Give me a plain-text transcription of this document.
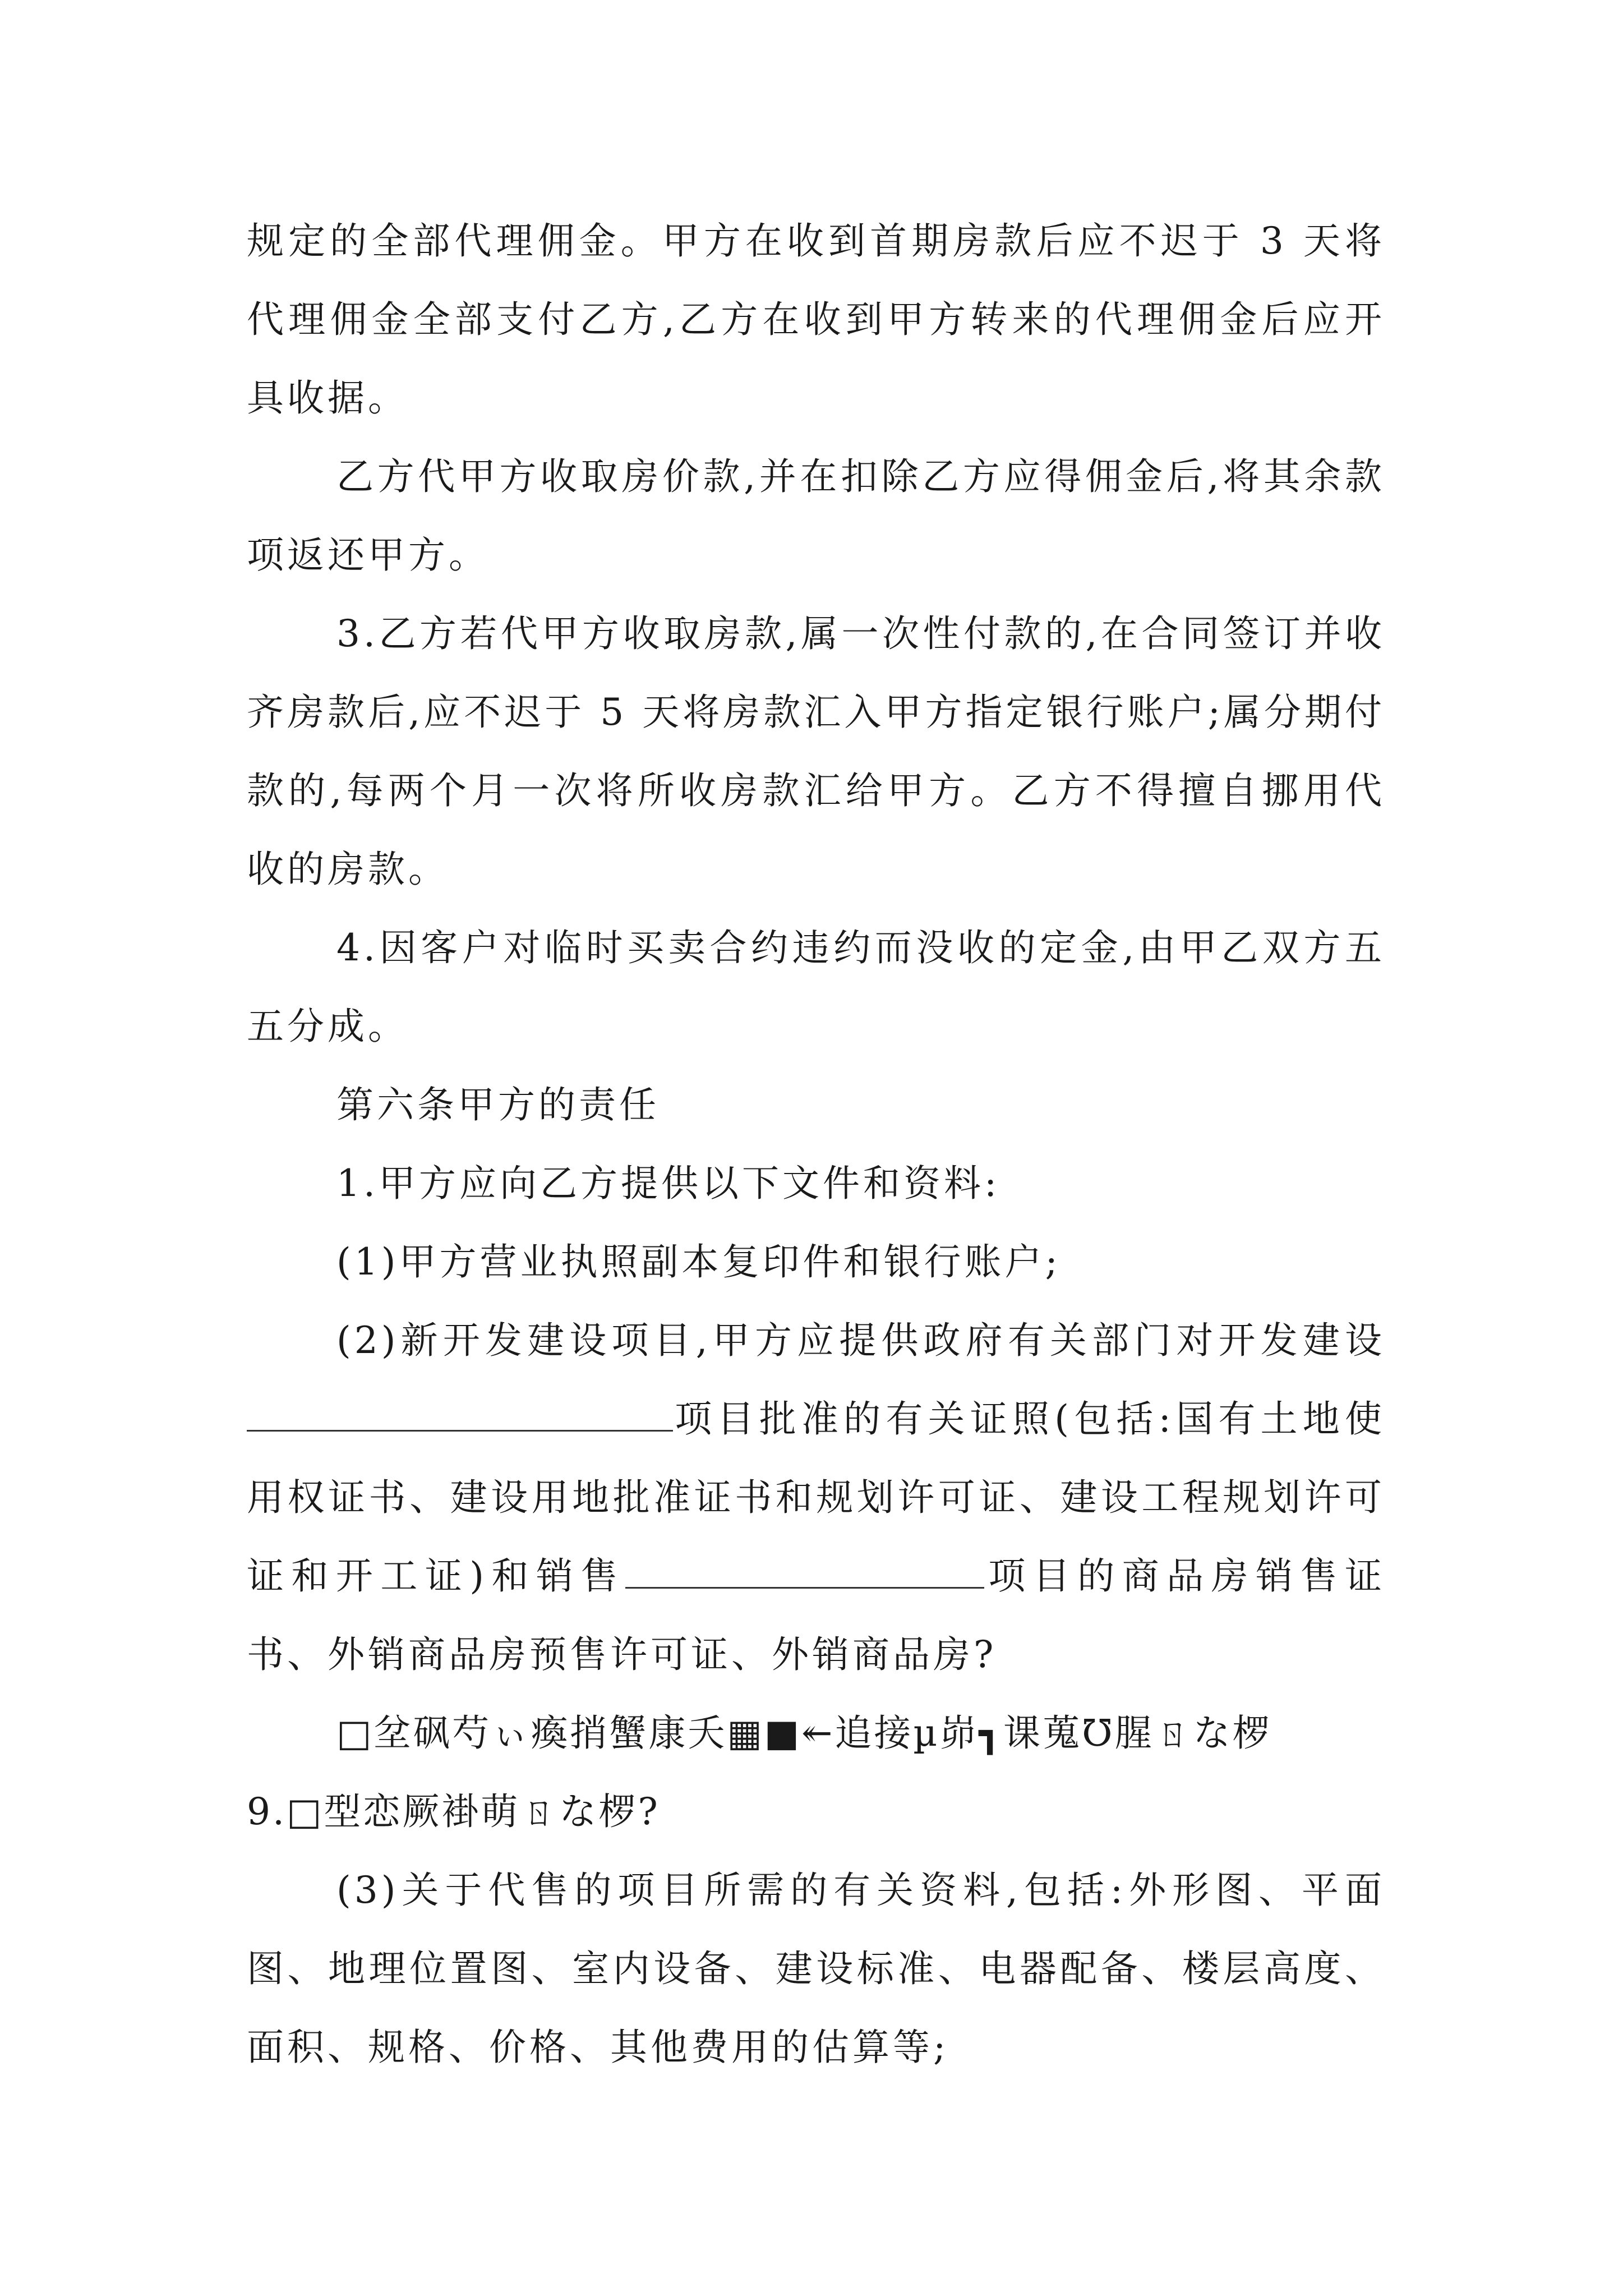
规定的全部代理佣金。甲方在收到首期房款后应不迟于 3 天将代理佣金全部支付乙方,乙方在收到甲方转来的代理佣金后应开具收据。

乙方代甲方收取房价款,并在扣除乙方应得佣金后,将其余款项返还甲方。

3.乙方若代甲方收取房款,属一次性付款的,在合同签订并收齐房款后,应不迟于 5 天将房款汇入甲方指定银行账户;属分期付款的,每两个月一次将所收房款汇给甲方。乙方不得擅自挪用代收的房款。

4.因客户对临时买卖合约违约而没收的定金,由甲乙双方五五分成。

第六条甲方的责任

1.甲方应向乙方提供以下文件和资料:

(1)甲方营业执照副本复印件和银行账户;

(2)新开发建设项目,甲方应提供政府有关部门对开发建设项目批准的有关证照(包括:国有土地使用权证书、建设用地批准证书和规划许可证、建设工程规划许可证和开工证)和销售	项目的商品房销售证书、外销商品房预售许可证、外销商品房?

□坌砜芍ぃ瘓捎蟹康夭▦■↞追接µ峁┓课蒐℧腥ㄖな椤

9.□型恋厥褂萌ㄖな椤?

(3)关于代售的项目所需的有关资料,包括:外形图、平面图、地理位置图、室内设备、建设标准、电器配备、楼层高度、面积、规格、价格、其他费用的估算等;
